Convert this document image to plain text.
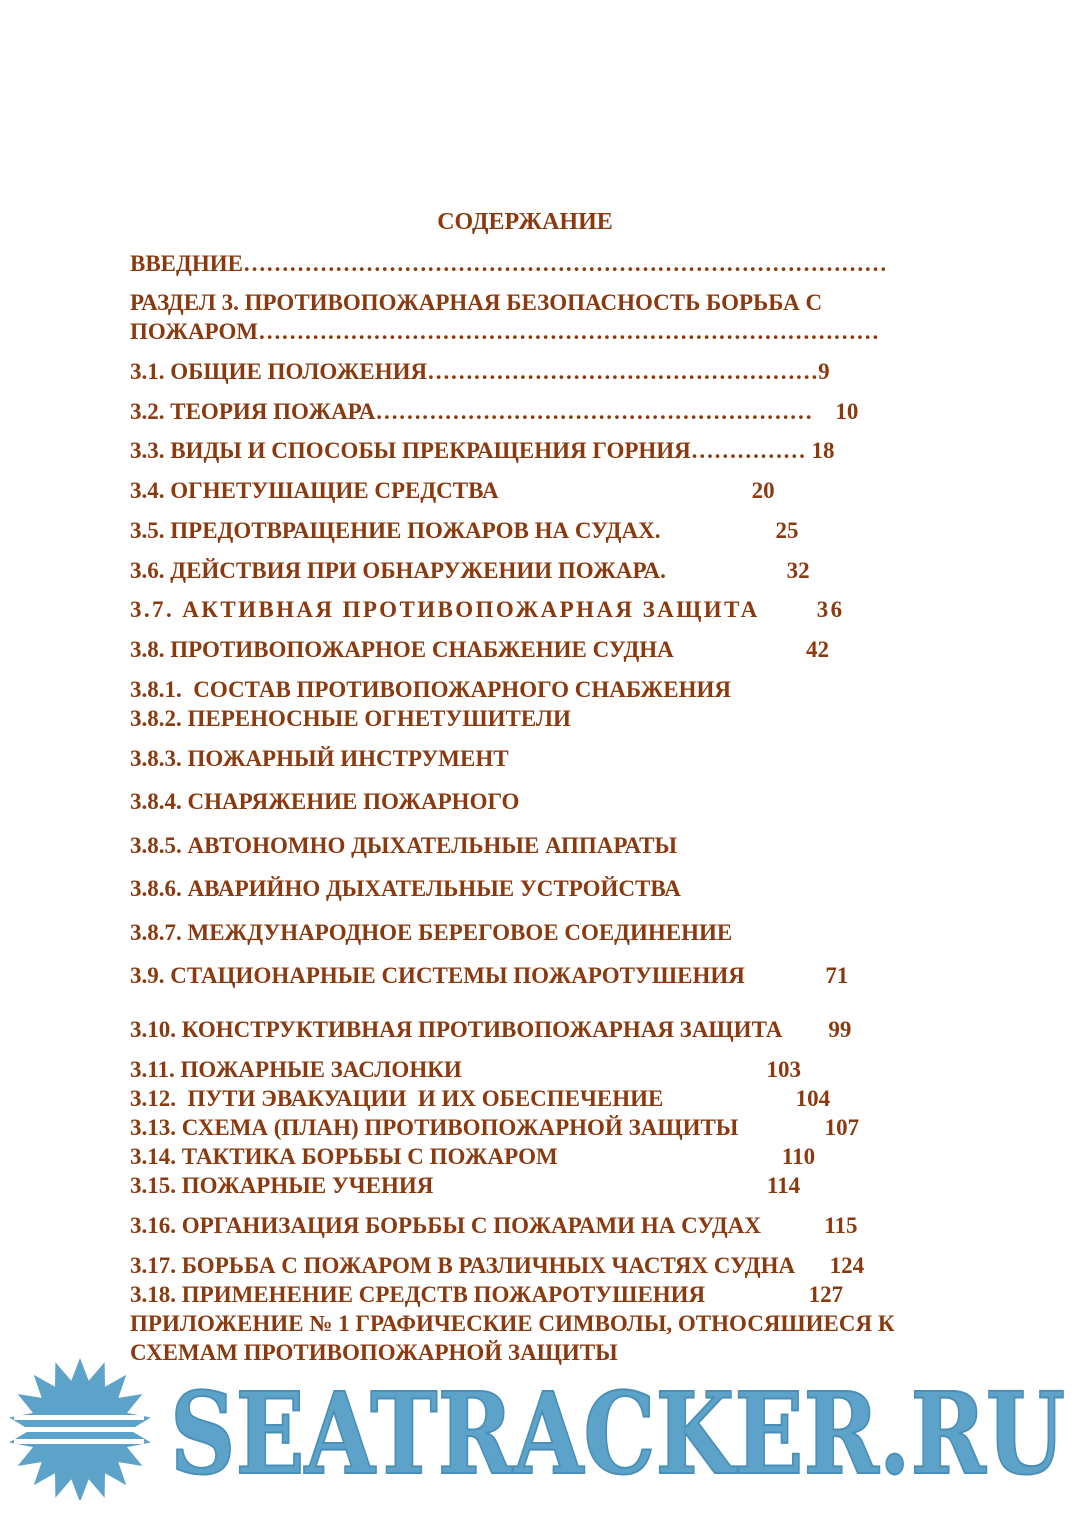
СОДЕРЖАНИЕ
ВВЕДНИЕ…………………………………………………………………………
РАЗДЕЛ 3. ПРОТИВОПОЖАРНАЯ БЕЗОПАСНОСТЬ БОРЬБА С
ПОЖАРОМ………………………………………………………………………
3.1. ОБЩИЕ ПОЛОЖЕНИЯ……………………………………………9
3.2. ТЕОРИЯ ПОЖАРА…………………………………………………    10
3.3. ВИДЫ И СПОСОБЫ ПРЕКРАЩЕНИЯ ГОРНИЯ…………… 18
3.4. ОГНЕТУШАЩИЕ СРЕДСТВА                                            20
3.5. ПРЕДОТВРАЩЕНИЕ ПОЖАРОВ НА СУДАХ.                    25
3.6. ДЕЙСТВИЯ ПРИ ОБНАРУЖЕНИИ ПОЖАРА.                     32
3.7. АКТИВНАЯ ПРОТИВОПОЖАРНАЯ ЗАЩИТА       36
3.8. ПРОТИВОПОЖАРНОЕ СНАБЖЕНИЕ СУДНА                       42
3.8.1.  СОСТАВ ПРОТИВОПОЖАРНОГО СНАБЖЕНИЯ
3.8.2. ПЕРЕНОСНЫЕ ОГНЕТУШИТЕЛИ
3.8.3. ПОЖАРНЫЙ ИНСТРУМЕНТ
3.8.4. СНАРЯЖЕНИЕ ПОЖАРНОГО
3.8.5. АВТОНОМНО ДЫХАТЕЛЬНЫЕ АППАРАТЫ
3.8.6. АВАРИЙНО ДЫХАТЕЛЬНЫЕ УСТРОЙСТВА
3.8.7. МЕЖДУНАРОДНОЕ БЕРЕГОВОЕ СОЕДИНЕНИЕ
3.9. СТАЦИОНАРНЫЕ СИСТЕМЫ ПОЖАРОТУШЕНИЯ              71
3.10. КОНСТРУКТИВНАЯ ПРОТИВОПОЖАРНАЯ ЗАЩИТА        99
3.11. ПОЖАРНЫЕ ЗАСЛОНКИ                                                     103
3.12.  ПУТИ ЭВАКУАЦИИ  И ИХ ОБЕСПЕЧЕНИЕ                       104
3.13. СХЕМА (ПЛАН) ПРОТИВОПОЖАРНОЙ ЗАЩИТЫ               107
3.14. ТАКТИКА БОРЬБЫ С ПОЖАРОМ                                       110
3.15. ПОЖАРНЫЕ УЧЕНИЯ                                                          114
3.16. ОРГАНИЗАЦИЯ БОРЬБЫ С ПОЖАРАМИ НА СУДАХ           115
3.17. БОРЬБА С ПОЖАРОМ В РАЗЛИЧНЫХ ЧАСТЯХ СУДНА      124
3.18. ПРИМЕНЕНИЕ СРЕДСТВ ПОЖАРОТУШЕНИЯ                  127
ПРИЛОЖЕНИЕ № 1 ГРАФИЧЕСКИЕ СИМВОЛЫ, ОТНОСЯШИЕСЯ К
СХЕМАМ ПРОТИВОПОЖАРНОЙ ЗАЩИТЫ
SEATRACKER.RU
